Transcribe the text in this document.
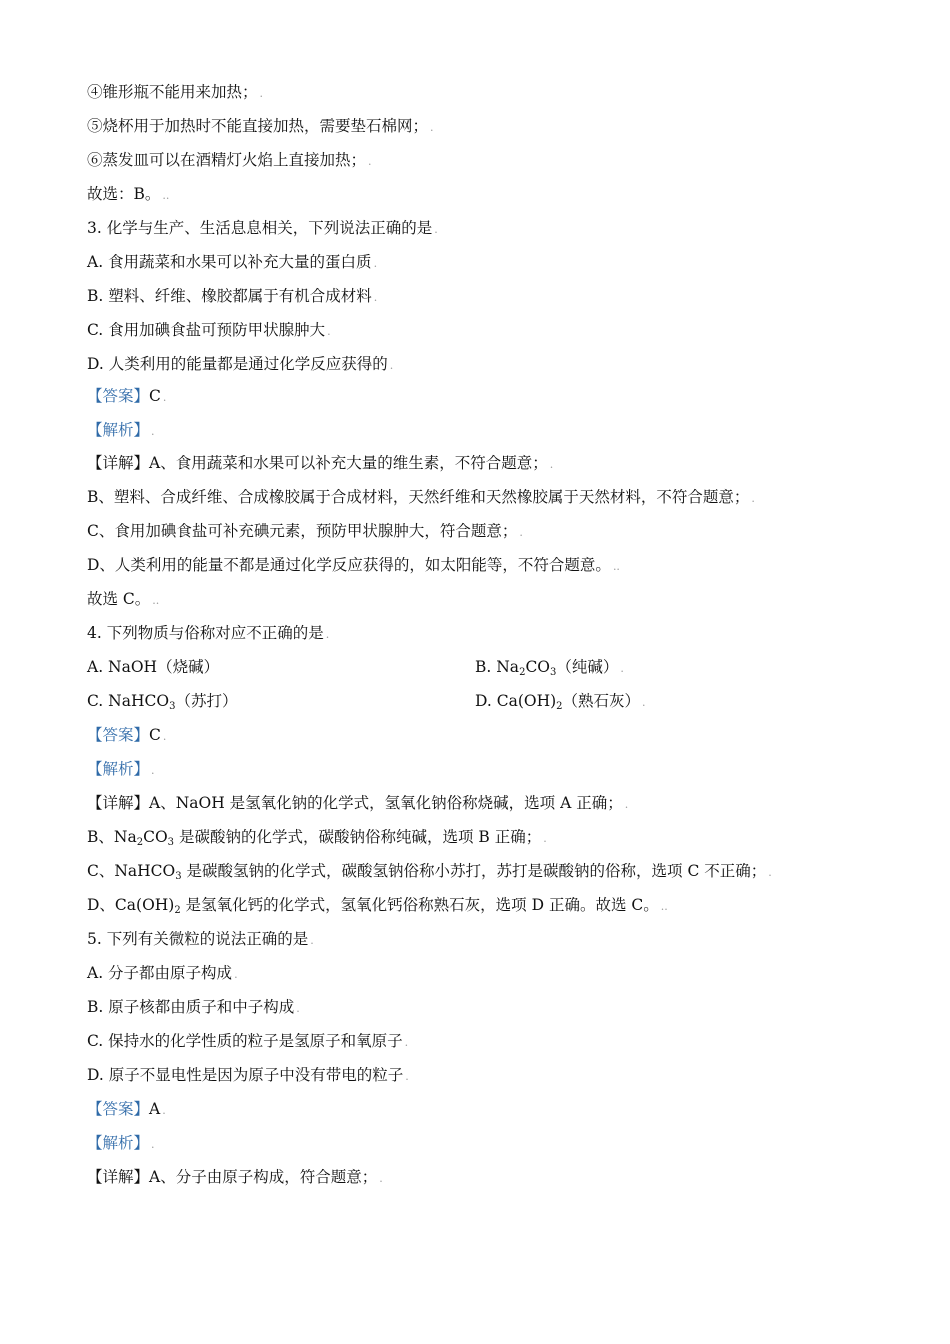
④锥形瓶不能用来加热； .
⑤烧杯用于加热时不能直接加热，需要垫石棉网； .
⑥蒸发皿可以在酒精灯火焰上直接加热； .
故选：B。 ..
3. 化学与生产、生活息息相关，下列说法正确的是 .
A. 食用蔬菜和水果可以补充大量的蛋白质 .
B. 塑料、纤维、橡胶都属于有机合成材料 .
C. 食用加碘食盐可预防甲状腺肿大 .
D. 人类利用的能量都是通过化学反应获得的 .
【答案】C .
【解析】 .
【详解】A、食用蔬菜和水果可以补充大量的维生素，不符合题意； .
B、塑料、合成纤维、合成橡胶属于合成材料，天然纤维和天然橡胶属于天然材料，不符合题意； .
C、食用加碘食盐可补充碘元素，预防甲状腺肿大，符合题意； .
D、人类利用的能量不都是通过化学反应获得的，如太阳能等，不符合题意。 ..
故选 C。 ..
4. 下列物质与俗称对应不正确的是 .
A. NaOH（烧碱）	B. $Na_2CO_3$（纯碱） .
C. NaHCO$_3$（苏打）	D. $Ca(OH)_2$（熟石灰） .
【答案】C .
【解析】 .
【详解】A、NaOH 是氢氧化钠的化学式，氢氧化钠俗称烧碱，选项 A 正确； .
B、$Na_2CO_3$ 是碳酸钠的化学式，碳酸钠俗称纯碱，选项 B 正确； .
C、NaHCO$_3$ 是碳酸氢钠的化学式，碳酸氢钠俗称小苏打，苏打是碳酸钠的俗称，选项 C 不正确； .
D、$Ca(OH)_2$ 是氢氧化钙的化学式，氢氧化钙俗称熟石灰，选项 D 正确。故选 C。 ..
5. 下列有关微粒的说法正确的是 .
A. 分子都由原子构成 .
B. 原子核都由质子和中子构成 .
C. 保持水的化学性质的粒子是氢原子和氧原子 .
D. 原子不显电性是因为原子中没有带电的粒子 .
【答案】A .
【解析】 .
【详解】A、分子由原子构成，符合题意； .
